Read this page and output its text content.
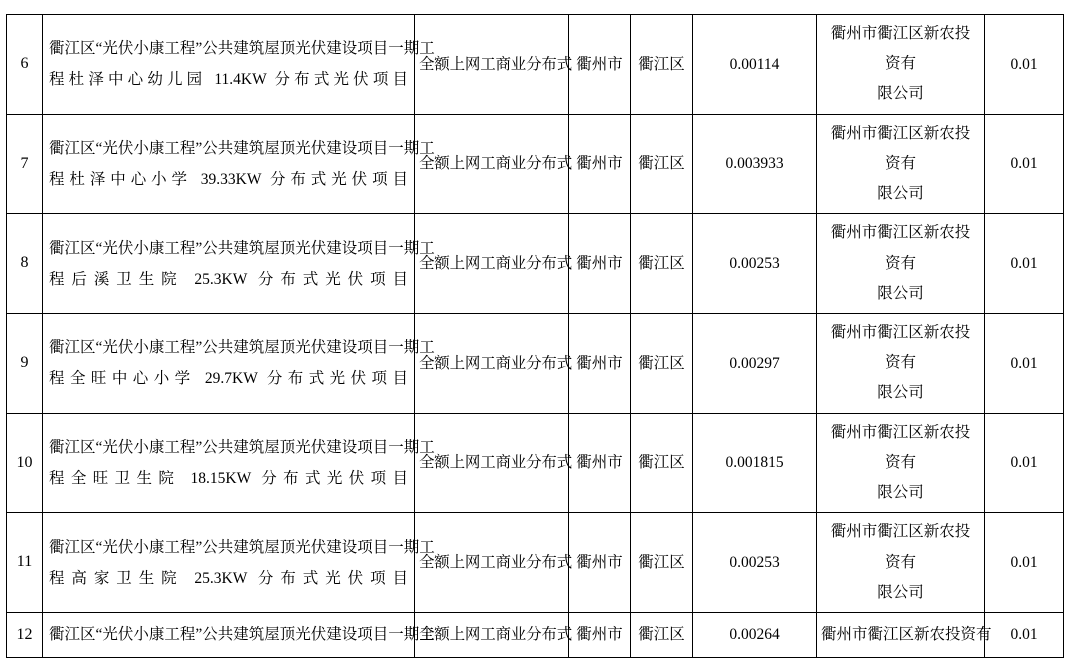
6	衢江区“光伏小康工程”公共建筑屋顶光伏建设项目一期工
程杜泽中心幼儿园 11.4KW 分布式光伏项目	全额上网工商业分布式	衢州市	衢江区	0.00114	衢州市衢江区新农投资有
限公司	0.01

7	衢江区“光伏小康工程”公共建筑屋顶光伏建设项目一期工
程杜泽中心小学 39.33KW 分布式光伏项目	全额上网工商业分布式	衢州市	衢江区	0.003933	衢州市衢江区新农投资有
限公司	0.01

8	衢江区“光伏小康工程”公共建筑屋顶光伏建设项目一期工
程后溪卫生院 25.3KW 分布式光伏项目	全额上网工商业分布式	衢州市	衢江区	0.00253	衢州市衢江区新农投资有
限公司	0.01

9	衢江区“光伏小康工程”公共建筑屋顶光伏建设项目一期工
程全旺中心小学 29.7KW 分布式光伏项目	全额上网工商业分布式	衢州市	衢江区	0.00297	衢州市衢江区新农投资有
限公司	0.01

10	衢江区“光伏小康工程”公共建筑屋顶光伏建设项目一期工
程全旺卫生院 18.15KW 分布式光伏项目	全额上网工商业分布式	衢州市	衢江区	0.001815	衢州市衢江区新农投资有
限公司	0.01

11	衢江区“光伏小康工程”公共建筑屋顶光伏建设项目一期工
程高家卫生院 25.3KW 分布式光伏项目	全额上网工商业分布式	衢州市	衢江区	0.00253	衢州市衢江区新农投资有
限公司	0.01

12	衢江区“光伏小康工程”公共建筑屋顶光伏建设项目一期工	全额上网工商业分布式	衢州市	衢江区	0.00264	衢州市衢江区新农投资有	0.01
